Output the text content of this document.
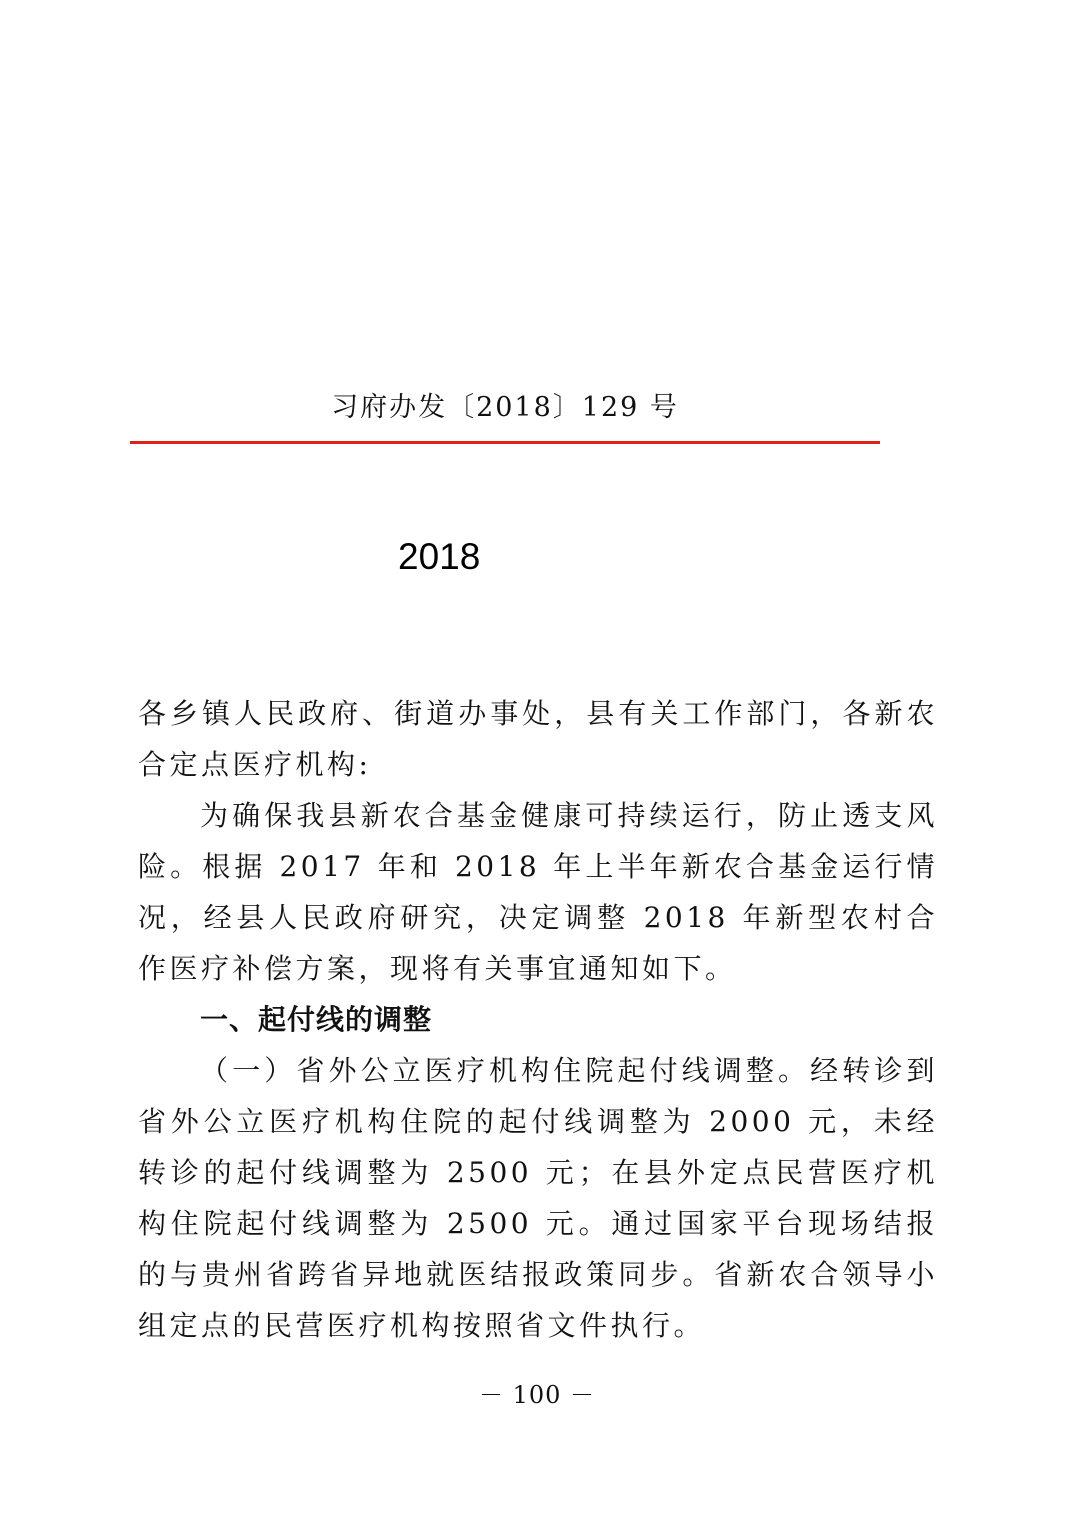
习府办发〔2018〕129 号
2018

各乡镇人民政府、街道办事处，县有关工作部门，各新农合定点医疗机构:

为确保我县新农合基金健康可持续运行，防止透支风险。根据 2017 年和 2018 年上半年新农合基金运行情况，经县人民政府研究，决定调整 2018 年新型农村合作医疗补偿方案，现将有关事宜通知如下。

一、起付线的调整

（一）省外公立医疗机构住院起付线调整。经转诊到省外公立医疗机构住院的起付线调整为 2000 元，未经转诊的起付线调整为 2500 元；在县外定点民营医疗机构住院起付线调整为 2500 元。通过国家平台现场结报的与贵州省跨省异地就医结报政策同步。省新农合领导小组定点的民营医疗机构按照省文件执行。

－ 100 －
